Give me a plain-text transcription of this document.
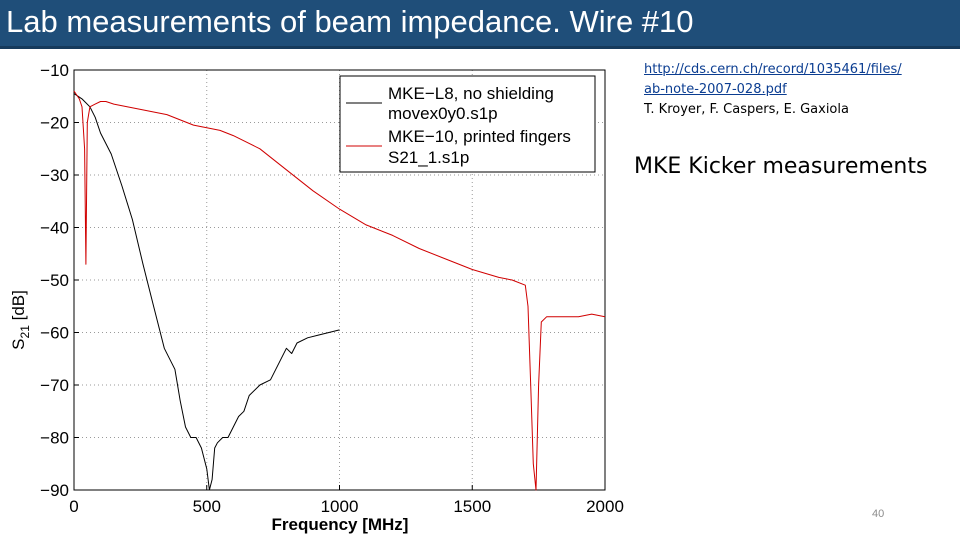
Lab measurements of beam impedance. Wire #10
0	500	1000	1500	2000
−10
−20
−30
−40
−50
−60
−70
−80
−90
Frequency [MHz]
$S_{21}$ [dB]
MKE−L8, no shielding
movex0y0.s1p
MKE−10, printed fingers
S21_1.s1p
http://cds.cern.ch/record/1035461/files/
ab-note-2007-028.pdf
T. Kroyer, F. Caspers, E. Gaxiola
MKE Kicker measurements
40
